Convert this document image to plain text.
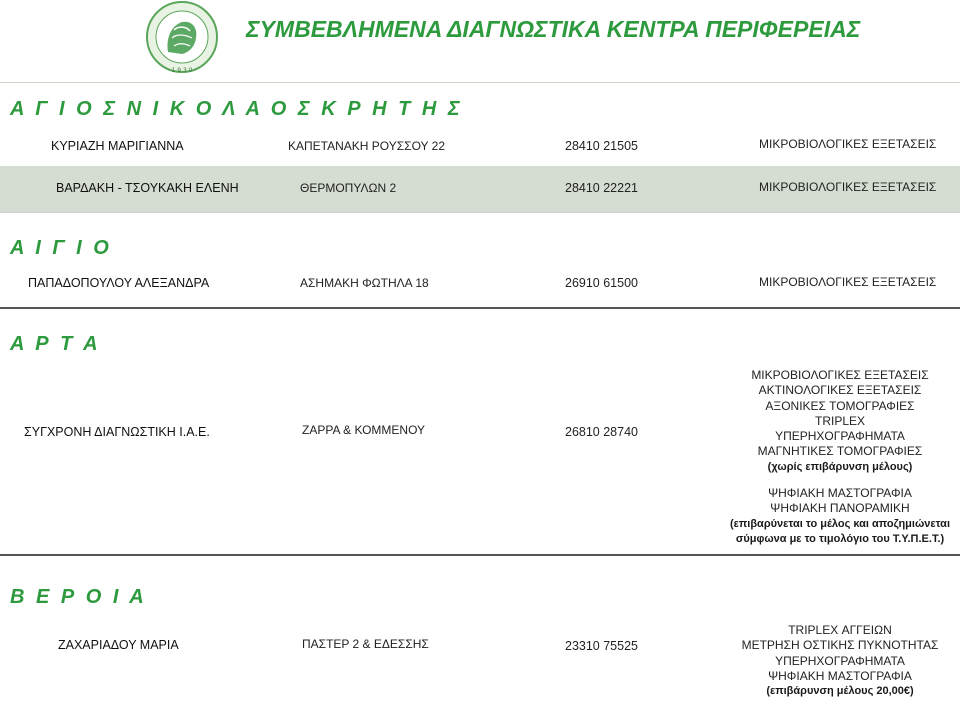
· 1 9 3 0 ·
ΣΥΜΒΕΒΛΗΜΕΝΑ ΔΙΑΓΝΩΣΤΙΚΑ ΚΕΝΤΡΑ ΠΕΡΙΦΕΡΕΙΑΣ
Α Γ Ι Ο Σ Ν Ι Κ Ο Λ Α Ο Σ Κ Ρ Η Τ Η Σ
ΚΥΡΙΑΖΗ ΜΑΡΙΓΙΑΝΝΑ	ΚΑΠΕΤΑΝΑΚΗ ΡΟΥΣΣΟΥ 22	28410 21505	ΜΙΚΡΟΒΙΟΛΟΓΙΚΕΣ ΕΞΕΤΑΣΕΙΣ
ΒΑΡΔΑΚΗ - ΤΣΟΥΚΑΚΗ ΕΛΕΝΗ	ΘΕΡΜΟΠΥΛΩΝ 2	28410 22221	ΜΙΚΡΟΒΙΟΛΟΓΙΚΕΣ ΕΞΕΤΑΣΕΙΣ
Α Ι Γ Ι Ο
ΠΑΠΑΔΟΠΟΥΛΟΥ ΑΛΕΞΑΝΔΡΑ	ΑΣΗΜΑΚΗ ΦΩΤΗΛΑ 18	26910 61500	ΜΙΚΡΟΒΙΟΛΟΓΙΚΕΣ ΕΞΕΤΑΣΕΙΣ
Α Ρ Τ Α
ΣΥΓΧΡΟΝΗ ΔΙΑΓΝΩΣΤΙΚΗ Ι.Α.Ε.	ΖΑΡΡΑ & ΚΟΜΜΕΝΟΥ	26810 28740
ΜΙΚΡΟΒΙΟΛΟΓΙΚΕΣ ΕΞΕΤΑΣΕΙΣ
ΑΚΤΙΝΟΛΟΓΙΚΕΣ ΕΞΕΤΑΣΕΙΣ
ΑΞΟΝΙΚΕΣ ΤΟΜΟΓΡΑΦΙΕΣ
TRIPLEX
ΥΠΕΡΗΧΟΓΡΑΦΗΜΑΤΑ
ΜΑΓΝΗΤΙΚΕΣ ΤΟΜΟΓΡΑΦΙΕΣ
(χωρίς επιβάρυνση μέλους)
ΨΗΦΙΑΚΗ ΜΑΣΤΟΓΡΑΦΙΑ
ΨΗΦΙΑΚΗ ΠΑΝΟΡΑΜΙΚΗ
(επιβαρύνεται το μέλος και αποζημιώνεται
σύμφωνα με το τιμολόγιο του Τ.Υ.Π.Ε.Τ.)
Β Ε Ρ Ο Ι Α
ΖΑΧΑΡΙΑΔΟΥ ΜΑΡΙΑ	ΠΑΣΤΕΡ 2 & ΕΔΕΣΣΗΣ	23310 75525
TRIPLEX ΑΓΓΕΙΩΝ
ΜΕΤΡΗΣΗ ΟΣΤΙΚΗΣ ΠΥΚΝΟΤΗΤΑΣ
ΥΠΕΡΗΧΟΓΡΑΦΗΜΑΤΑ
ΨΗΦΙΑΚΗ ΜΑΣΤΟΓΡΑΦΙΑ
(επιβάρυνση μέλους 20,00€)
